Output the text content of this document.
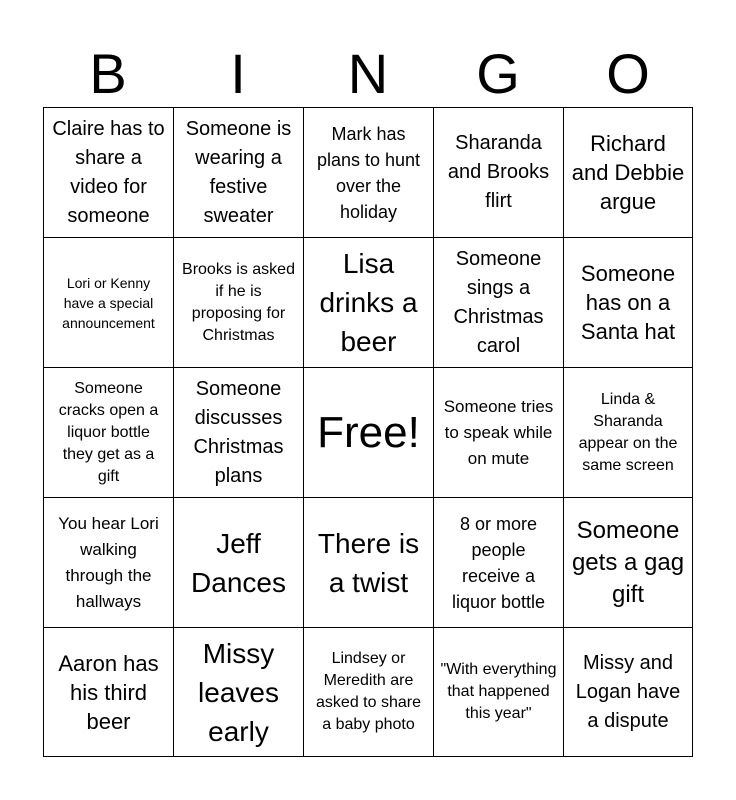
B	I	N	G	O
Claire has to share a video for someone
Someone is wearing a festive sweater
Mark has plans to hunt over the holiday
Sharanda and Brooks flirt
Richard and Debbie argue
Lori or Kenny have a special announcement
Brooks is asked if he is proposing for Christmas
Lisa drinks a beer
Someone sings a Christmas carol
Someone has on a Santa hat
Someone cracks open a liquor bottle they get as a gift
Someone discusses Christmas plans
Free!
Someone tries to speak while on mute
Linda & Sharanda appear on the same screen
You hear Lori walking through the hallways
Jeff Dances
There is a twist
8 or more people receive a liquor bottle
Someone gets a gag gift
Aaron has his third beer
Missy leaves early
Lindsey or Meredith are asked to share a baby photo
"With everything that happened this year"
Missy and Logan have a dispute
